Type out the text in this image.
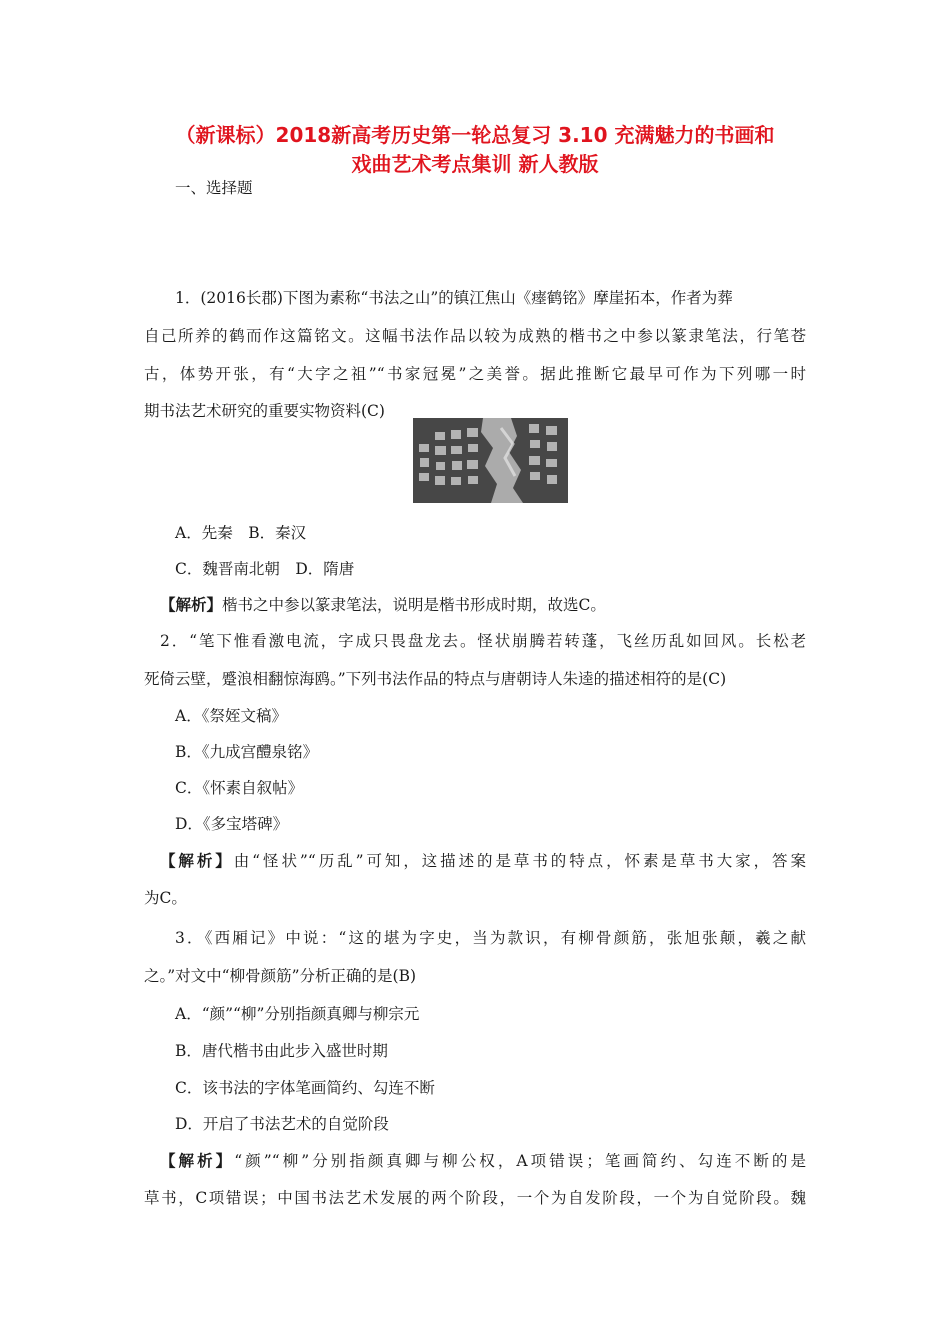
（新课标）2018新高考历史第一轮总复习 3.10 充满魅力的书画和
戏曲艺术考点集训 新人教版
一、选择题
1．(2016长郡)下图为素称“书法之山”的镇江焦山《瘗鹤铭》摩崖拓本，作者为葬
自己所养的鹤而作这篇铭文。这幅书法作品以较为成熟的楷书之中参以篆隶笔法，行笔苍
古，体势开张，有“大字之祖”“书家冠冕”之美誉。据此推断它最早可作为下列哪一时
期书法艺术研究的重要实物资料(C)
A．先秦　B．秦汉
C．魏晋南北朝　D．隋唐
【解析】楷书之中参以篆隶笔法，说明是楷书形成时期，故选C。
2．“笔下惟看激电流，字成只畏盘龙去。怪状崩腾若转蓬，飞丝历乱如回风。长松老
死倚云壁，蹙浪相翻惊海鸥。”下列书法作品的特点与唐朝诗人朱逵的描述相符的是(C)
A．《祭姪文稿》
B．《九成宫醴泉铭》
C．《怀素自叙帖》
D．《多宝塔碑》
【解析】由“怪状”“历乱”可知，这描述的是草书的特点，怀素是草书大家，答案
为C。
3．《西厢记》中说：“这的堪为字史，当为款识，有柳骨颜筋，张旭张颠，羲之献
之。”对文中“柳骨颜筋”分析正确的是(B)
A．“颜”“柳”分别指颜真卿与柳宗元
B．唐代楷书由此步入盛世时期
C．该书法的字体笔画简约、勾连不断
D．开启了书法艺术的自觉阶段
【解析】“颜”“柳”分别指颜真卿与柳公权，A项错误；笔画简约、勾连不断的是
草书，C项错误；中国书法艺术发展的两个阶段，一个为自发阶段，一个为自觉阶段。魏
